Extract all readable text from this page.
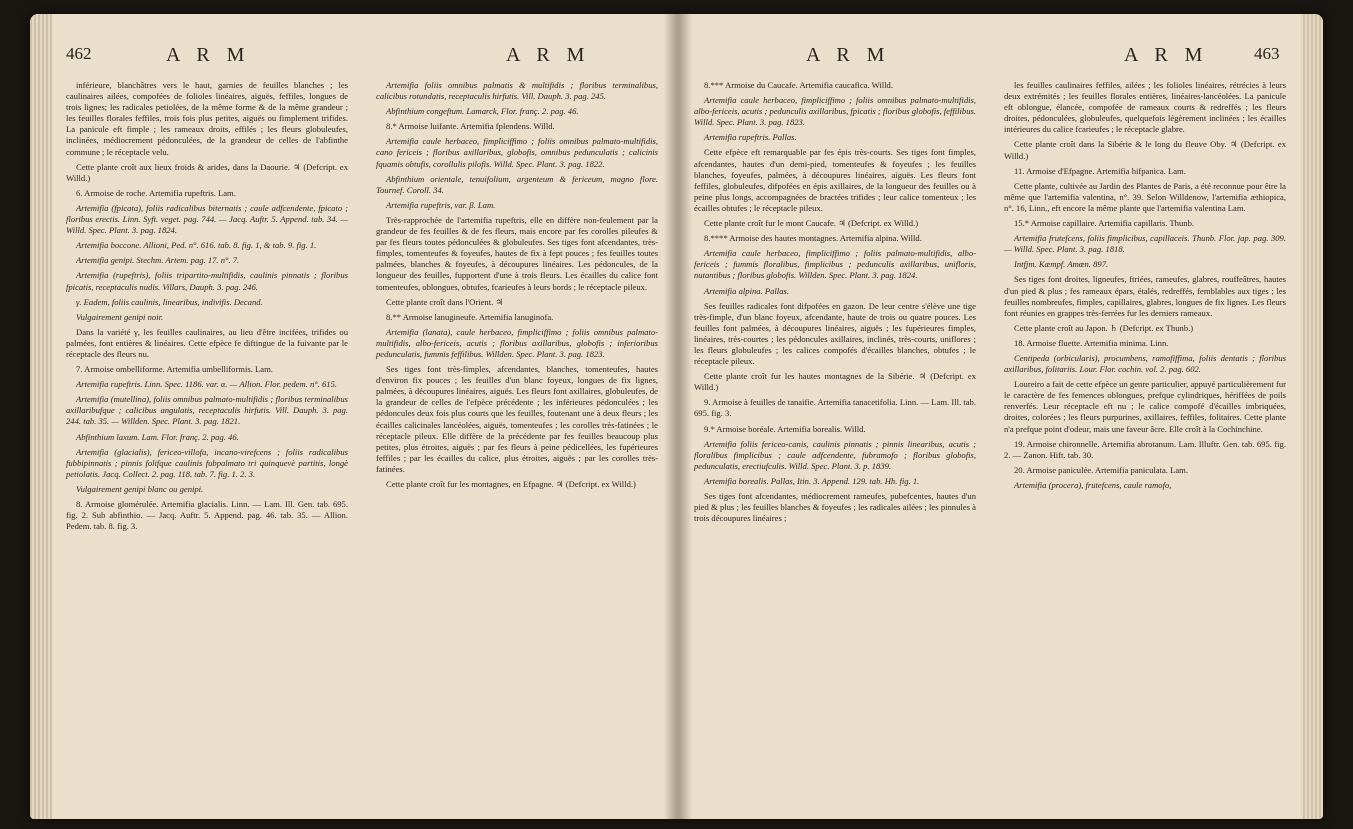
462	A R M	A R M

inférieure, blanchâtres vers le haut, garnies de feuilles blanches ; les caulinaires ailées, compofées de folioles linéaires, aiguës, feffiles, longues de trois lignes; les radicales petiolées, de la même forme & de la même grandeur ; les feuilles florales feffiles, trois fois plus petites, aiguës ou fimplement trifides. La panicule eft fimple ; les rameaux droits, effilés ; les fleurs globuleufes, inclinées, médiocrement pédonculées, de la grandeur de celles de l'abfinthe commune ; le réceptacle velu.

Cette plante croît aux lieux froids & arides, dans la Daourie. ♃ (Defcript. ex Willd.)

6. Armoise de roche. Artemifia rupeftris. Lam.

Artemifia (fpicata), foliis radicalibus biternatis ; caule adfcendente, fpicato ; floribus erectis. Linn. Syft. veget. pag. 744. — Jacq. Auftr. 5. Append. tab. 34. — Willd. Spec. Plant. 3. pag. 1824.

Artemifia boccone. Allioni, Ped. n°. 616. tab. 8. fig. 1, & tab. 9. fig. 1.

Artemifia genipi. Stechm. Artem. pag. 17. n°. 7.

Artemifia (rupeftris), foliis tripartito-multifidis, caulinis pinnatis ; floribus fpicatis, receptaculis nudis. Villars, Dauph. 3. pag. 246.

γ. Eadem, foliis caulinis, linearibus, indivifis. Decand.

Vulgairement genipi noir.

Dans la variété γ, les feuilles caulinaires, au lieu d'être incifées, trifides ou palmées, font entières & linéaires. Cette efpèce fe diftingue de la fuivante par le réceptacle des fleurs nu.

7. Armoise ombelliforme. Artemifia umbelliformis. Lam.

Artemifia rupeftris. Linn. Spec. 1186. var. α. — Allion. Flor. pedem. n°. 615.

Artemifia (mutellina), foliis omnibus palmato-multifidis ; floribus terminalibus axillaribufque ; calicibus angulatis, receptaculis hirfutis. Vill. Dauph. 3. pag. 244. tab. 35. — Willden. Spec. Plant. 3. pag. 1821.

Abfinthium laxum. Lam. Flor. franç. 2. pag. 46.

Artemifia (glacialis), fericeo-villofa, incano-virefcens ; foliis radicalibus fubbipinnatis ; pinnis folifque caulinis fubpalmato tri quinquevè partitis, longè petiolatis. Jacq. Collect. 2. pag. 118. tab. 7. fig. 1. 2. 3.

Vulgairement genipi blanc ou genipi.

8. Armoise glomérulée. Artemifia glacialis. Linn. — Lam. Ill. Gen. tab. 695. fig. 2. Sub abfinthio. — Jacq. Auftr. 5. Append. pag. 46. tab. 35. — Allion. Pedem. tab. 8. fig. 3.

Artemifia foliis omnibus palmatis & multifidis ; floribus terminalibus, calicibus rotundatis, receptaculis hirfutis. Vill. Dauph. 3. pag. 245.

Abfinthium congeftum. Lamarck, Flor. franç. 2. pag. 46.

8.* Armoise luifante. Artemifia fplendens. Willd.

Artemifia caule herbaceo, fimpliciffimo ; foliis omnibus palmato-multifidis, cano fericeis ; floribus axillaribus, globofis, omnibus pedunculatis ; calicinis fquamis obtufis, corollulis pilofis. Willd. Spec. Plant. 3. pag. 1822.

Abfinthium orientale, tenuifolium, argenteum & fericeum, magno flore. Tournef. Coroll. 34.

Artemifia rupeftris, var. β. Lam.

Très-rapprochée de l'artemifia rupeftris, elle en diffère non-feulement par la grandeur de fes feuilles & de fes fleurs, mais encore par fes corolles pileufes & par fes fleurs toutes pédonculées & globuleufes. Ses tiges font afcendantes, très-fimples, tomenteufes & foyeufes, hautes de fix à fept pouces ; fes feuilles toutes palmées, blanches & foyeufes, à découpures linéaires. Les pédoncules, de la longueur des feuilles, fupportent d'une à trois fleurs. Les écailles du calice font tomenteufes, oblongues, obtufes, fcarieufes à leurs bords ; le réceptacle pileux.

Cette plante croît dans l'Orient. ♃

8.** Armoise lanugineufe. Artemifia lanuginofa.

Artemifia (lanata), caule herbaceo, fimpliciffimo ; foliis omnibus palmato-multifidis, albo-fericeis, acutis ; floribus axillaribus, globofis ; inferioribus pedunculatis, fummis feffilibus. Willden. Spec. Plant. 3. pag. 1823.

Ses tiges font très-fimples, afcendantes, blanches, tomenteufes, hautes d'environ fix pouces ; les feuilles d'un blanc foyeux, longues de fix lignes, palmées, à découpures linéaires, aiguës. Les fleurs font axillaires, globuleufes, de la grandeur de celles de l'efpèce précédente ; les inférieures pédonculées ; les pédoncules deux fois plus courts que les feuilles, foutenant une à deux fleurs ; les écailles calicinales lancéolées, aiguës, tomenteufes ; les corolles très-fatinées ; le réceptacle pileux. Elle diffère de la précédente par fes feuilles beaucoup plus petites, plus étroites, aiguës ; par fes fleurs à peine pédicellées, les fupérieures feffiles ; par les écailles du calice, plus étroites, aiguës ; par les corolles très-fatinées.

Cette plante croît fur les montagnes, en Efpagne. ♃ (Defcript. ex Willd.)

A R M	A R M	463

8.*** Armoise du Caucafe. Artemifia caucafica. Willd.

Artemifia caule herbaceo, fimpliciffimo ; foliis omnibus palmato-multifidis, albo-fericeis, acutis ; pedunculis axillaribus, fpicatis ; floribus globofis, feffilibus. Willd. Spec. Plant. 3. pag. 1823.

Artemifia rupeftris. Pallas.

Cette efpèce eft remarquable par fes épis très-courts. Ses tiges font fimples, afcendantes, hautes d'un demi-pied, tomenteufes & foyeufes ; les feuilles blanches, foyeufes, palmées, à découpures linéaires, aiguës. Les fleurs font feffiles, globuleufes, difpofées en épis axillaires, de la longueur des feuilles ou à peine plus longs, accompagnées de bractées trifides ; leur calice tomenteux ; les écailles obtufes ; le réceptacle pileux.

Cette plante croît fur le mont Caucafe. ♃ (Defcript. ex Willd.)

8.**** Armoise des hautes montagnes. Artemifia alpina. Willd.

Artemifia caule herbaceo, fimpliciffimo ; foliis palmato-multifidis, albo-fericeis ; fummis floralibus, fimplicibus ; pedunculis axillaribus, unifloris, nutantibus ; floribus globofis. Willden. Spec. Plant. 3. pag. 1824.

Artemifia alpina. Pallas.

Ses feuilles radicales font difpofées en gazon. De leur centre s'élève une tige très-fimple, d'un blanc foyeux, afcendante, haute de trois ou quatre pouces. Les feuilles font palmées, à découpures linéaires, aiguës ; les fupérieures fimples, linéaires, très-courtes ; les pédoncules axillaires, inclinés, très-courts, uniflores ; les fleurs globuleufes ; les calices compofés d'écailles blanches, obtufes ; le réceptacle pileux.

Cette plante croît fur les hautes montagnes de la Sibérie. ♃ (Defcript. ex Willd.)

9. Armoise à feuilles de tanaifie. Artemifia tanacetifolia. Linn. — Lam. Ill. tab. 695. fig. 3.

9.* Armoise boréale. Artemifia borealis. Willd.

Artemifia foliis fericeo-canis, caulinis pinnatis ; pinnis linearibus, acutis ; floralibus fimplicibus ; caule adfcendente, fubramofo ; floribus globofis, pedunculatis, erectiufculis. Willd. Spec. Plant. 3. p. 1839.

Artemifia borealis. Pallas, Itin. 3. Append. 129. tab. Hh. fig. 1.

Ses tiges font afcendantes, médiocrement rameufes, pubefcentes, hautes d'un pied & plus ; les feuilles blanches & foyeufes ; les radicales ailées ; les pinnules à trois découpures linéaires ;

les feuilles caulinaires feffiles, ailées ; les folioles linéaires, rétrécies à leurs deux extrémités ; les feuilles florales entières, linéaires-lancéolées. La panicule eft oblongue, élancée, compofée de rameaux courts & redreffés ; les fleurs droites, pédonculées, globuleufes, quelquefois légèrement inclinées ; les écailles intérieures du calice fcarieufes ; le réceptacle glabre.

Cette plante croît dans la Sibérie & le long du fleuve Oby. ♃ (Defcript. ex Willd.)

11. Armoise d'Efpagne. Artemifia hifpanica. Lam.

Cette plante, cultivée au Jardin des Plantes de Paris, a été reconnue pour être la même que l'artemifia valentina, n°. 39. Selon Willdenow, l'artemifia æthiopica, n°. 16, Linn., eft encore la même plante que l'artemifia valentina Lam.

15.* Armoise capillaire. Artemifia capillaris. Thunb.

Artemifia frutefcens, foliis fimplicibus, capillaceis. Thunb. Flor. jap. pag. 309. — Willd. Spec. Plant. 3. pag. 1818.

Intfjm. Kæmpf. Amœn. 897.

Ses tiges font droites, ligneufes, ftriées, rameufes, glabres, rouffeâtres, hautes d'un pied & plus ; fes rameaux épars, étalés, redreffés, femblables aux tiges ; les feuilles nombreufes, fimples, capillaires, glabres, longues de fix lignes. Les fleurs font réunies en grappes très-ferrées fur les derniers rameaux.

Cette plante croît au Japon. ♄ (Defcript. ex Thunb.)

18. Armoise fluette. Artemifia minima. Linn.

Centipeda (orbicularis), procumbens, ramofiffima, foliis dentatis ; floribus axillaribus, folitariis. Lour. Flor. cochin. vol. 2. pag. 602.

Loureiro a fait de cette efpèce un genre particulier, appuyé particulièrement fur le caractère de fes femences oblongues, prefque cylindriques, hériffées de poils renverfés. Leur réceptacle eft nu ; le calice compofé d'écailles imbriquées, droites, colorées ; les fleurs purpurines, axillaires, feffiles, folitaires. Cette plante n'a prefque point d'odeur, mais une faveur âcre. Elle croît à la Cochinchine.

19. Armoise chironnelle. Artemifia abrotanum. Lam. Illuftr. Gen. tab. 695. fig. 2. — Zanon. Hift. tab. 30.

20. Armoise paniculée. Artemifia paniculata. Lam.

Artemifia (procera), frutefcens, caule ramofo,
